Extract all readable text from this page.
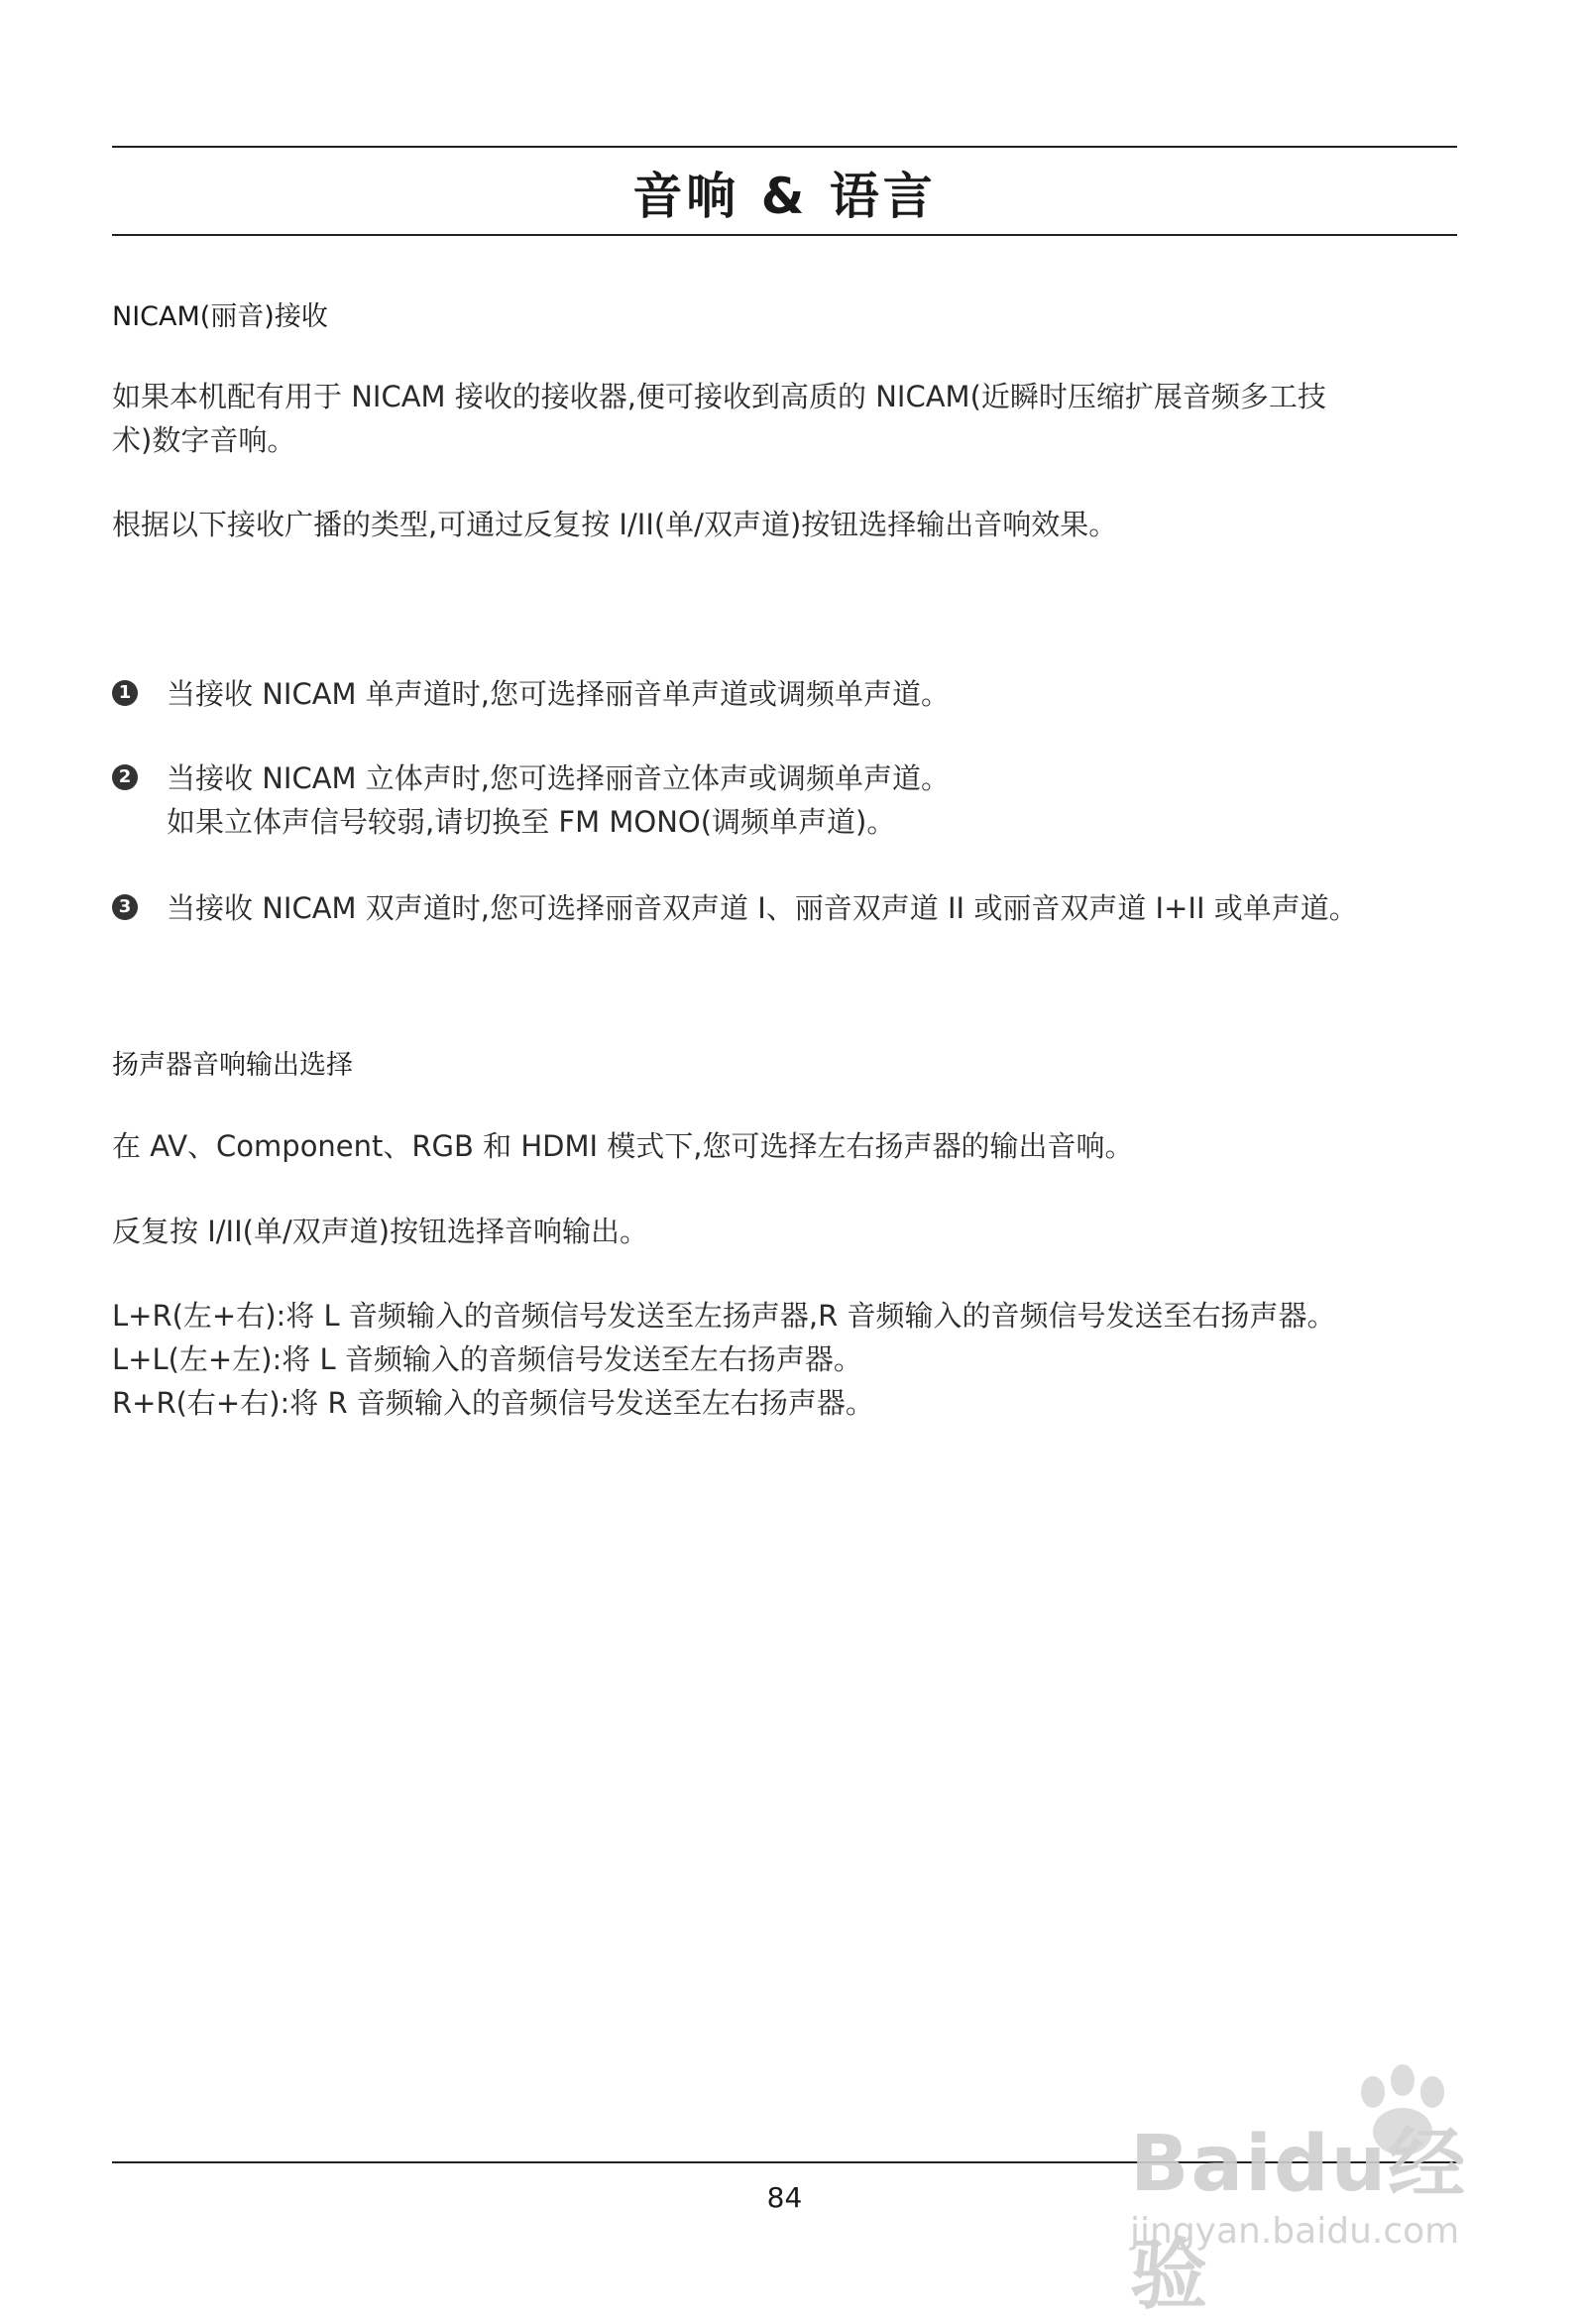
音响 & 语言
NICAM(丽音)接收
如果本机配有用于 NICAM 接收的接收器,便可接收到高质的 NICAM(近瞬时压缩扩展音频多工技
术)数字音响。
根据以下接收广播的类型,可通过反复按 I/II(单/双声道)按钮选择输出音响效果。
1 当接收 NICAM 单声道时,您可选择丽音单声道或调频单声道。
2 当接收 NICAM 立体声时,您可选择丽音立体声或调频单声道。
如果立体声信号较弱,请切换至 FM MONO(调频单声道)。
3 当接收 NICAM 双声道时,您可选择丽音双声道 I、丽音双声道 II 或丽音双声道 I+II 或单声道。
扬声器音响输出选择
在 AV、Component、RGB 和 HDMI 模式下,您可选择左右扬声器的输出音响。
反复按 I/II(单/双声道)按钮选择音响输出。
L+R(左+右):将 L 音频输入的音频信号发送至左扬声器,R 音频输入的音频信号发送至右扬声器。
L+L(左+左):将 L 音频输入的音频信号发送至左右扬声器。
R+R(右+右):将 R 音频输入的音频信号发送至左右扬声器。
84	Baidu经验
jingyan.baidu.com
